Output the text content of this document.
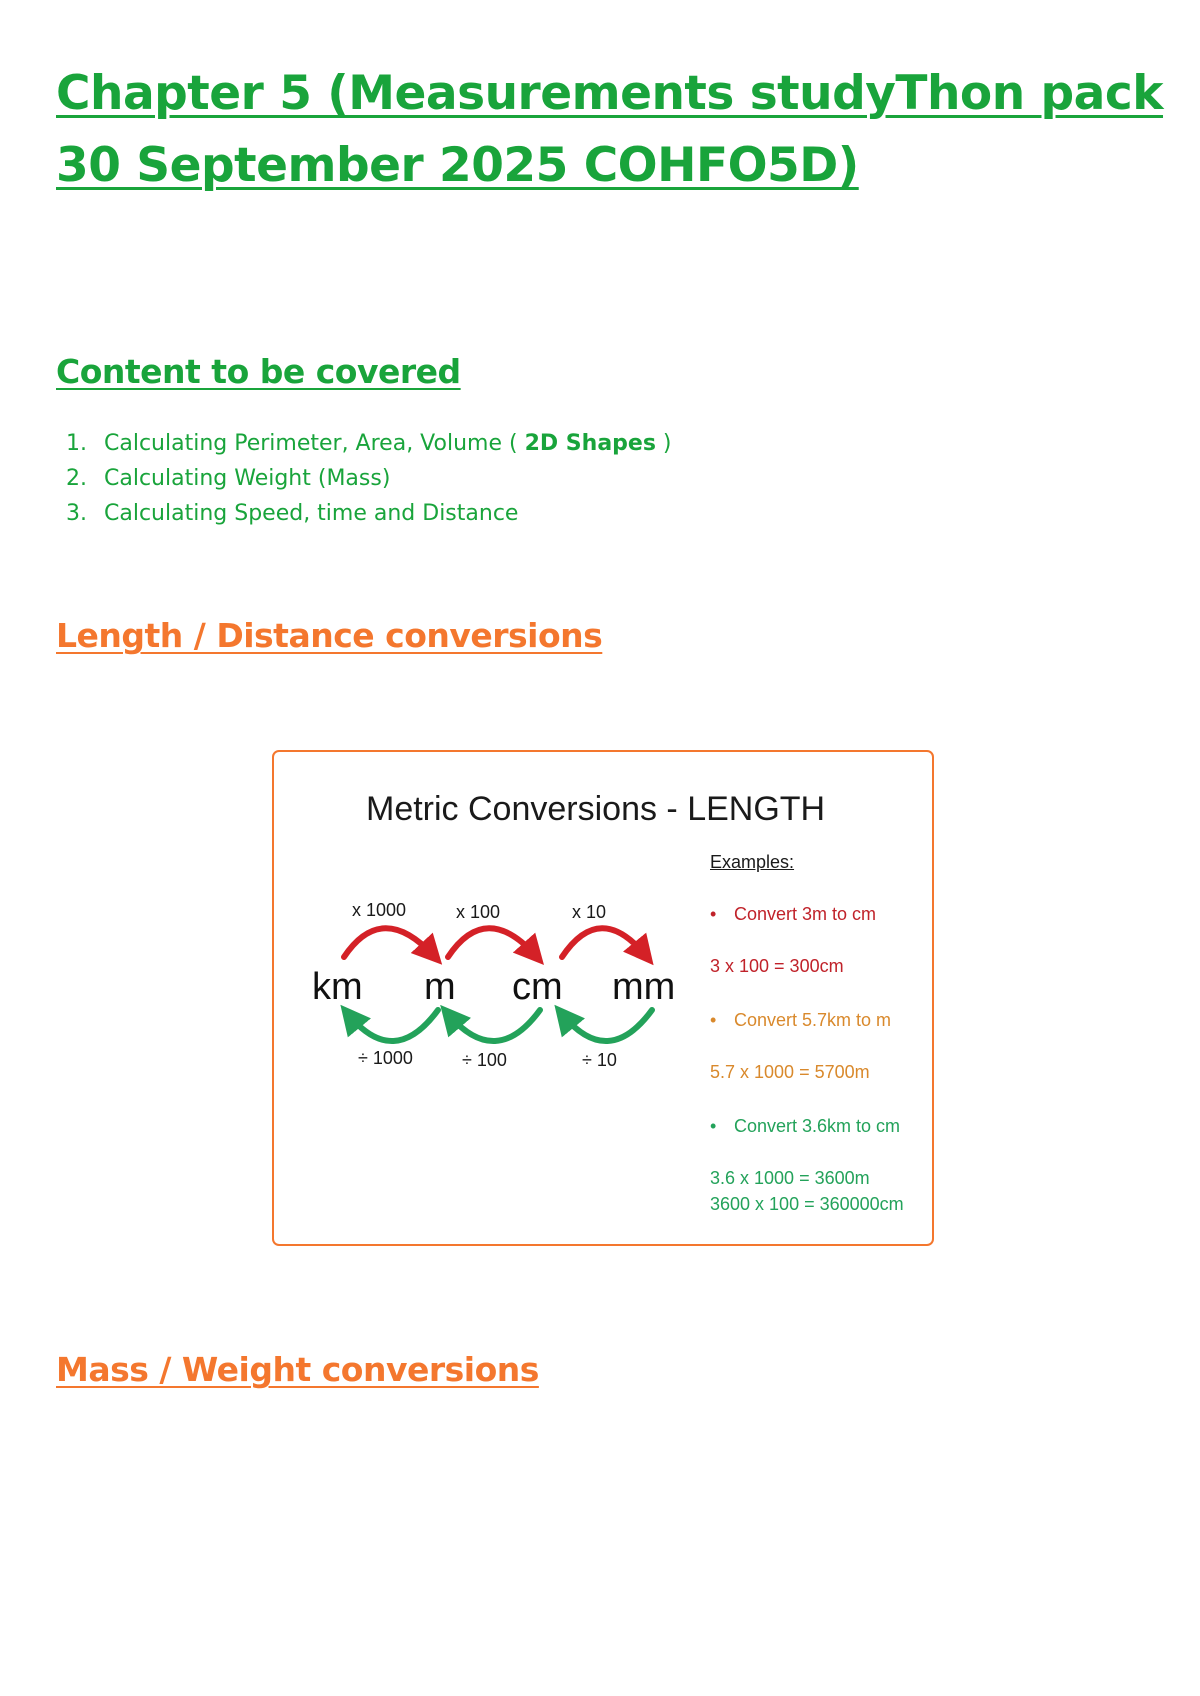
Chapter 5 (Measurements studyThon pack
30 September 2025 COHFO5D)
Content to be covered
1. Calculating Perimeter, Area, Volume ( 2D Shapes )
2. Calculating Weight (Mass)
3. Calculating Speed, time and Distance
Length / Distance conversions
Metric Conversions - LENGTH
Examples:
x 1000	x 100	x 10
km m cm mm
÷ 1000	÷ 100	÷ 10
• Convert 3m to cm
3 x 100 = 300cm
• Convert 5.7km to m
5.7 x 1000 = 5700m
• Convert 3.6km to cm
3.6 x 1000 = 3600m
3600 x 100 = 360000cm
Mass / Weight conversions
